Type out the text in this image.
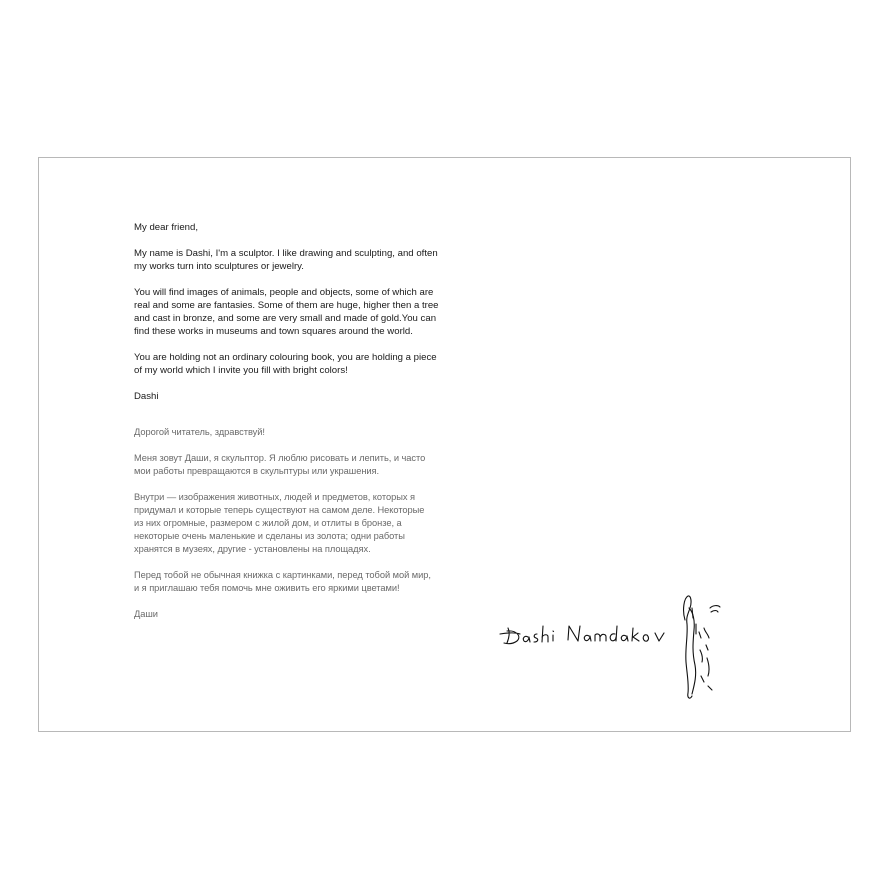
My dear friend,

My name is Dashi, I'm a sculptor. I like drawing and sculpting, and often
my works turn into sculptures or jewelry.

You will find images of animals, people and objects, some of which are
real and some are fantasies. Some of them are huge, higher then a tree
and cast in bronze, and some are very small and made of gold.You can
find these works in museums and town squares around the world.

You are holding not an ordinary colouring book, you are holding a piece
of my world which I invite you fill with bright colors!

Dashi

Дорогой читатель, здравствуй!

Меня зовут Даши, я скульптор. Я люблю рисовать и лепить, и часто
мои работы превращаются в скульптуры или украшения.

Внутри — изображения животных, людей и предметов, которых я
придумал и которые теперь существуют на самом деле. Некоторые
из них огромные, размером с жилой дом, и отлиты в бронзе, а
некоторые очень маленькие и сделаны из золота; одни работы
хранятся в музеях, другие - установлены на площадях.

Перед тобой не обычная книжка с картинками, перед тобой мой мир,
и я приглашаю тебя помочь мне оживить его яркими цветами!

Даши
